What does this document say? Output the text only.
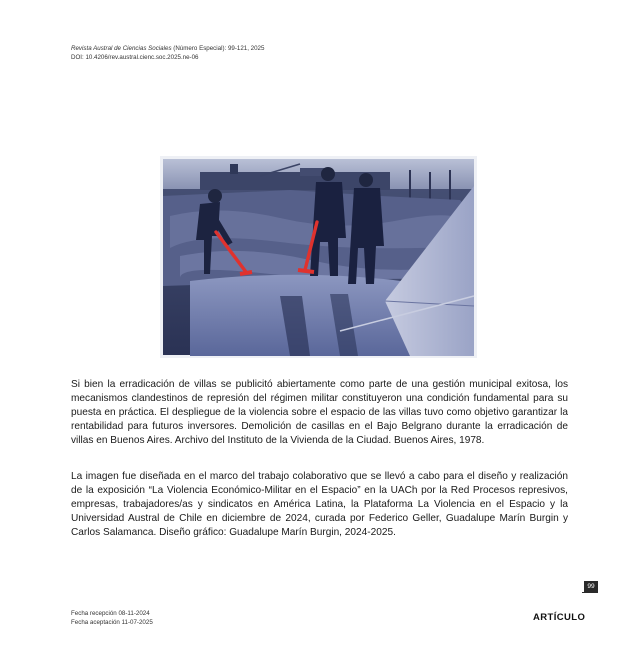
Revista Austral de Ciencias Sociales (Número Especial): 99-121, 2025
DOI: 10.4206/rev.austral.cienc.soc.2025.ne-06

Si bien la erradicación de villas se publicitó abiertamente como parte de una gestión municipal exitosa, los mecanismos clandestinos de represión del régimen militar constituyeron una condición fundamental para su puesta en práctica. El despliegue de la violencia sobre el espacio de las villas tuvo como objetivo garantizar la rentabilidad para futuros inversores. Demolición de casillas en el Bajo Belgrano durante la erradicación de villas en Buenos Aires. Archivo del Instituto de la Vivienda de la Ciudad. Buenos Aires, 1978.

La imagen fue diseñada en el marco del trabajo colaborativo que se llevó a cabo para el diseño y realización de la exposición “La Violencia Económico-Militar en el Espacio” en la UACh por la Red Procesos represivos, empresas, trabajadores/as y sindicatos en América Latina, la Plataforma La Violencia en el Espacio y la Universidad Austral de Chile en diciembre de 2024, curada por Federico Geller, Guadalupe Marín Burgin y Carlos Salamanca. Diseño gráfico: Guadalupe Marín Burgin, 2024-2025.

99
Fecha recepción 08-11-2024
Fecha aceptación 11-07-2025	ARTÍCULO
